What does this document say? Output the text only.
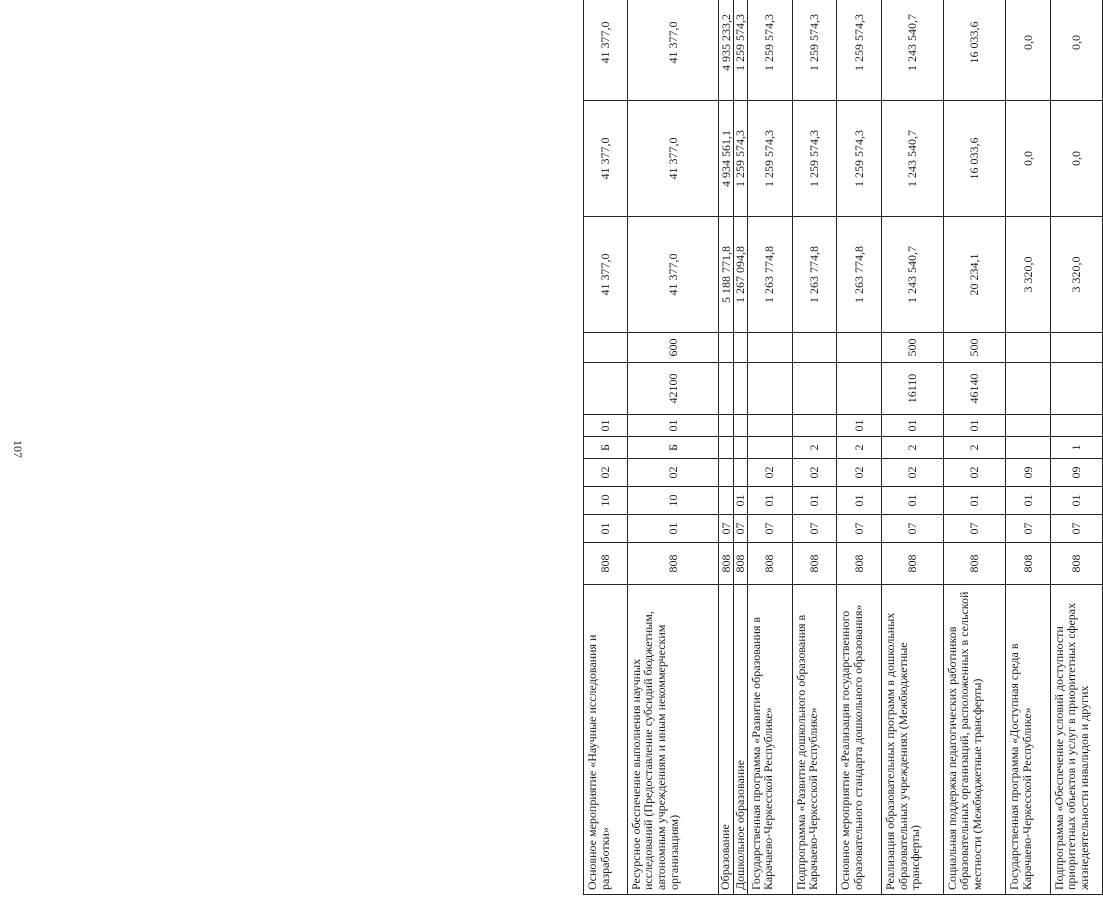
107
Основное мероприятие «Научные исследования и разработки»	808	01	10	02	Б	01			41 377,0	41 377,0	41 377,0
Ресурсное обеспечение выполнения научных исследований (Предоставление субсидий бюджетным, автономным учреждениям и иным некоммерческим организациям)	808	01	10	02	Б	01	42100	600	41 377,0	41 377,0	41 377,0
Образование	808	07							5 188 771,8	4 934 561,1	4 935 233,2
Дошкольное образование	808	07	01						1 267 094,8	1 259 574,3	1 259 574,3
Государственная программа «Развитие образования в Карачаево-Черкесской Республике»	808	07	01	02					1 263 774,8	1 259 574,3	1 259 574,3
Подпрограмма «Развитие дошкольного образования в Карачаево-Черкесской Республике»	808	07	01	02	2				1 263 774,8	1 259 574,3	1 259 574,3
Основное мероприятие «Реализация государственного образовательного стандарта дошкольного образования»	808	07	01	02	2	01			1 263 774,8	1 259 574,3	1 259 574,3
Реализация образовательных программ в дошкольных образовательных учреждениях (Межбюджетные трансферты)	808	07	01	02	2	01	16110	500	1 243 540,7	1 243 540,7	1 243 540,7
Социальная поддержка педагогических работников образовательных организаций, расположенных в сельской местности (Межбюджетные трансферты)	808	07	01	02	2	01	46140	500	20 234,1	16 033,6	16 033,6
Государственная программа «Доступная среда в Карачаево-Черкесской Республике»	808	07	01	09					3 320,0	0,0	0,0
Подпрограмма «Обеспечение условий доступности приоритетных объектов и услуг в приоритетных сферах жизнедеятельности инвалидов и других	808	07	01	09	1				3 320,0	0,0	0,0
